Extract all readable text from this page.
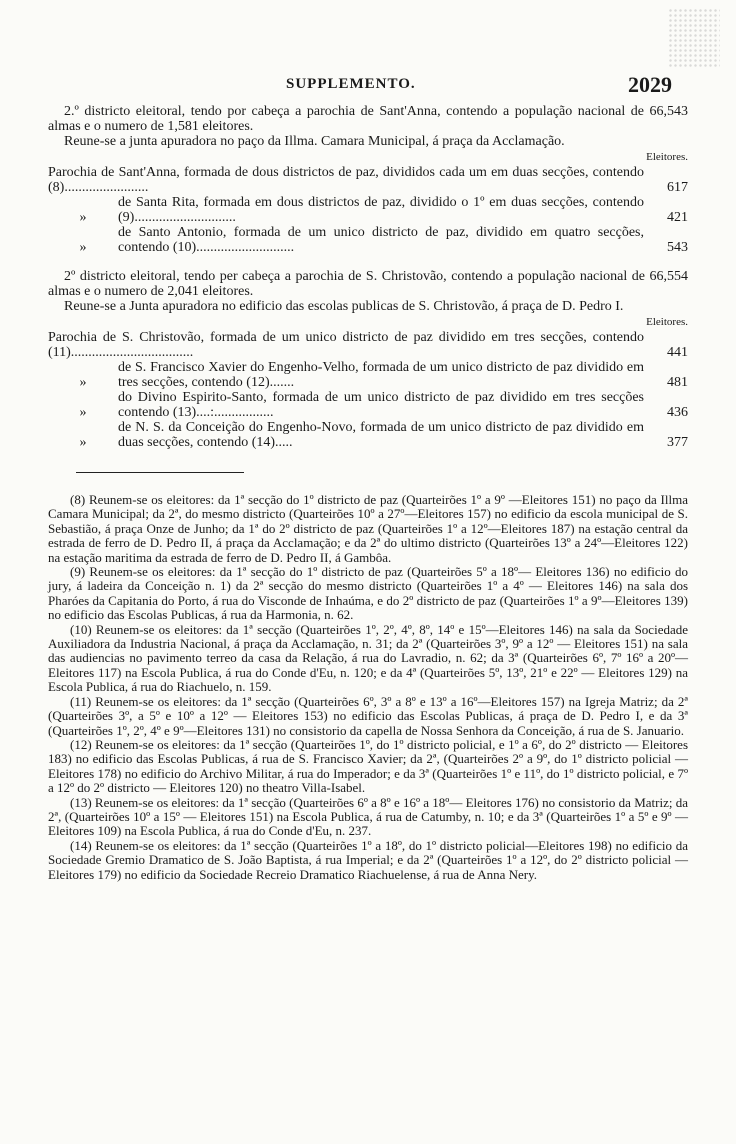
SUPPLEMENTO.	2029

2.º districto eleitoral, tendo por cabeça a parochia de Sant'Anna, contendo a população nacional de 66,543 almas e o numero de 1,581 eleitores.

Reune-se a junta apuradora no paço da Illma. Camara Municipal, á praça da Acclamação.

Eleitores.

Parochia de Sant'Anna, formada de dous districtos de paz, divididos cada um em duas secções, contendo (8)........................	617
»
de Santa Rita, formada em dous districtos de paz, dividido o 1º em duas secções, contendo (9).............................	421
»
de Santo Antonio, formada de um unico districto de paz, dividido em quatro secções, contendo (10)............................	543

2º districto eleitoral, tendo per cabeça a parochia de S. Christovão, contendo a população nacional de 66,554 almas e o numero de 2,041 eleitores.

Reune-se a Junta apuradora no edificio das escolas publicas de S. Christovão, á praça de D. Pedro I.

Eleitores.

Parochia de S. Christovão, formada de um unico districto de paz dividido em tres secções, contendo (11)...................................	441
»
de S. Francisco Xavier do Engenho-Velho, formada de um unico districto de paz dividido em tres secções, contendo (12).......	481
»
do Divino Espirito-Santo, formada de um unico districto de paz dividido em tres secções contendo (13)....:.................	436
»
de N. S. da Conceição do Engenho-Novo, formada de um unico districto de paz dividido em duas secções, contendo (14).....	377

(8) Reunem-se os eleitores: da 1ª secção do 1º districto de paz (Quarteirões 1º a 9º —Eleitores 151) no paço da Illma Camara Municipal; da 2ª, do mesmo districto (Quarteirões 10º a 27º—Eleitores 157) no edificio da escola municipal de S. Sebastião, á praça Onze de Junho; da 1ª do 2º districto de paz (Quarteirões 1º a 12º—Eleitores 187) na estação central da estrada de ferro de D. Pedro II, á praça da Acclamação; e da 2ª do ultimo districto (Quarteirões 13º a 24º—Eleitores 122) na estação maritima da estrada de ferro de D. Pedro II, á Gambôa.

(9) Reunem-se os eleitores: da 1ª secção do 1º districto de paz (Quarteirões 5º a 18º— Eleitores 136) no edificio do jury, á ladeira da Conceição n. 1) da 2ª secção do mesmo districto (Quarteirões 1º a 4º — Eleitores 146) na sala dos Pharóes da Capitania do Porto, á rua do Visconde de Inhaúma, e do 2º districto de paz (Quarteirões 1º a 9º—Eleitores 139) no edificio das Escolas Publicas, á rua da Harmonia, n. 62.

(10) Reunem-se os eleitores: da 1ª secção (Quarteirões 1º, 2º, 4º, 8º, 14º e 15º—Eleitores 146) na sala da Sociedade Auxiliadora da Industria Nacional, á praça da Acclamação, n. 31; da 2ª (Quarteirões 3º, 9º a 12º — Eleitores 151) na sala das audiencias no pavimento terreo da casa da Relação, á rua do Lavradio, n. 62; da 3ª (Quarteirões 6º, 7º 16º a 20º—Eleitores 117) na Escola Publica, á rua do Conde d'Eu, n. 120; e da 4ª (Quarteirões 5º, 13º, 21º e 22º — Eleitores 129) na Escola Publica, á rua do Riachuelo, n. 159.

(11) Reunem-se os eleitores: da 1ª secção (Quarteirões 6º, 3º a 8º e 13º a 16º—Eleitores 157) na Igreja Matriz; da 2ª (Quarteirões 3º, a 5º e 10º a 12º — Eleitores 153) no edificio das Escolas Publicas, á praça de D. Pedro I, e da 3ª (Quarteirões 1º, 2º, 4º e 9º—Eleitores 131) no consistorio da capella de Nossa Senhora da Conceição, á rua de S. Januario.

(12) Reunem-se os eleitores: da 1ª secção (Quarteirões 1º, do 1º districto policial, e 1º a 6º, do 2º districto — Eleitores 183) no edificio das Escolas Publicas, á rua de S. Francisco Xavier; da 2ª, (Quarteirões 2º a 9º, do 1º districto policial — Eleitores 178) no edificio do Archivo Militar, á rua do Imperador; e da 3ª (Quarteirões 1º e 11º, do 1º districto policial, e 7º a 12º do 2º districto — Eleitores 120) no theatro Villa-Isabel.

(13) Reunem-se os eleitores: da 1ª secção (Quarteirões 6º a 8º e 16º a 18º— Eleitores 176) no consistorio da Matriz; da 2ª, (Quarteirões 10º a 15º — Eleitores 151) na Escola Publica, á rua de Catumby, n. 10; e da 3ª (Quarteirões 1º a 5º e 9º —Eleitores 109) na Escola Publica, á rua do Conde d'Eu, n. 237.

(14) Reunem-se os eleitores: da 1ª secção (Quarteirões 1º a 18º, do 1º districto policial—Eleitores 198) no edificio da Sociedade Gremio Dramatico de S. João Baptista, á rua Imperial; e da 2ª (Quarteirões 1º a 12º, do 2º districto policial — Eleitores 179) no edificio da Sociedade Recreio Dramatico Riachuelense, á rua de Anna Nery.
